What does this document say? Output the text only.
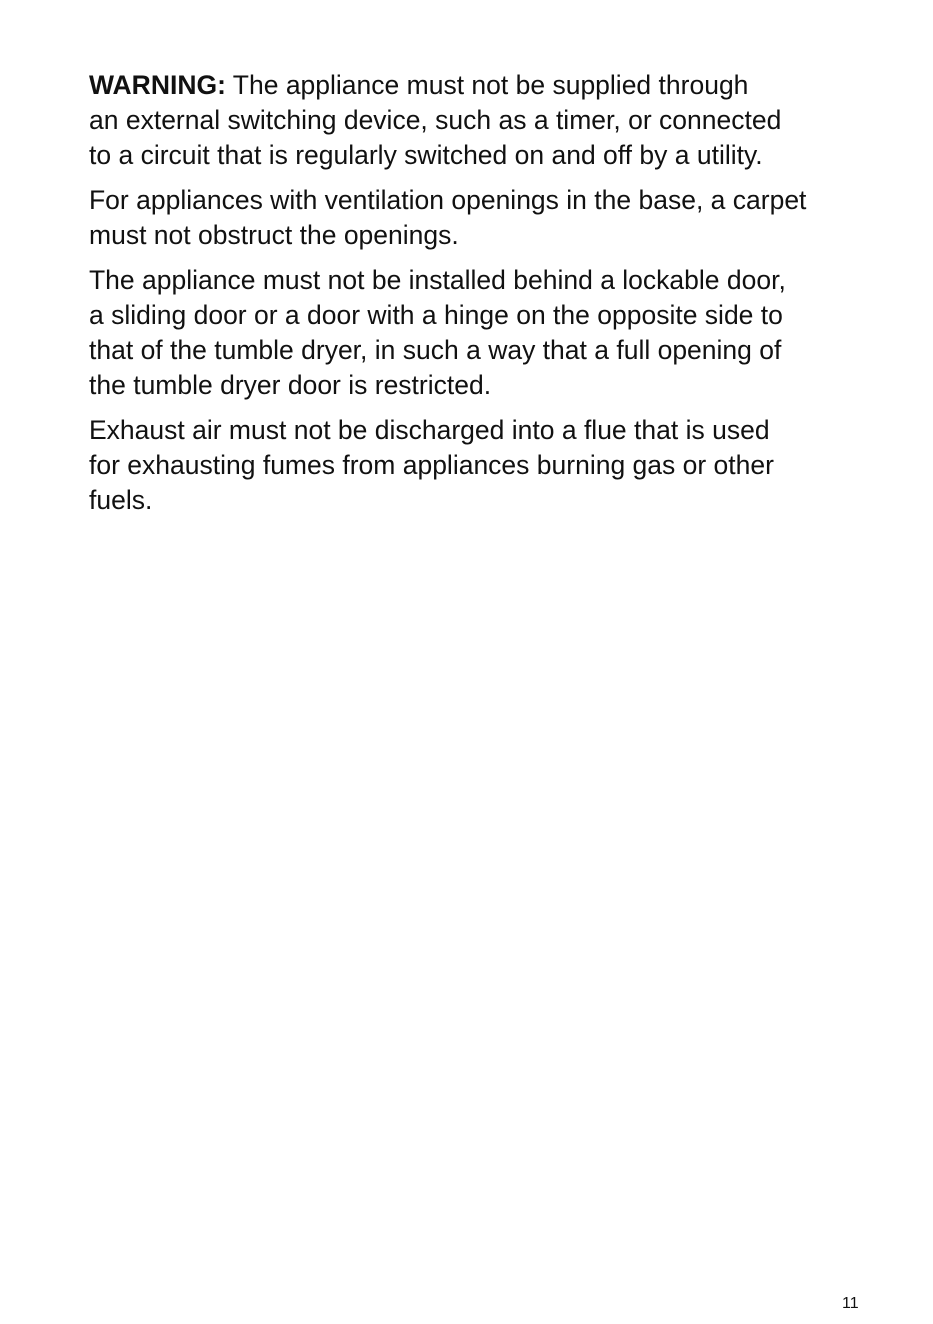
WARNING: The appliance must not be supplied through
an external switching device, such as a timer, or connected
to a circuit that is regularly switched on and off by a utility.

For appliances with ventilation openings in the base, a carpet
must not obstruct the openings.

The appliance must not be installed behind a lockable door,
a sliding door or a door with a hinge on the opposite side to
that of the tumble dryer, in such a way that a full opening of
the tumble dryer door is restricted.

Exhaust air must not be discharged into a flue that is used
for exhausting fumes from appliances burning gas or other
fuels.

11
